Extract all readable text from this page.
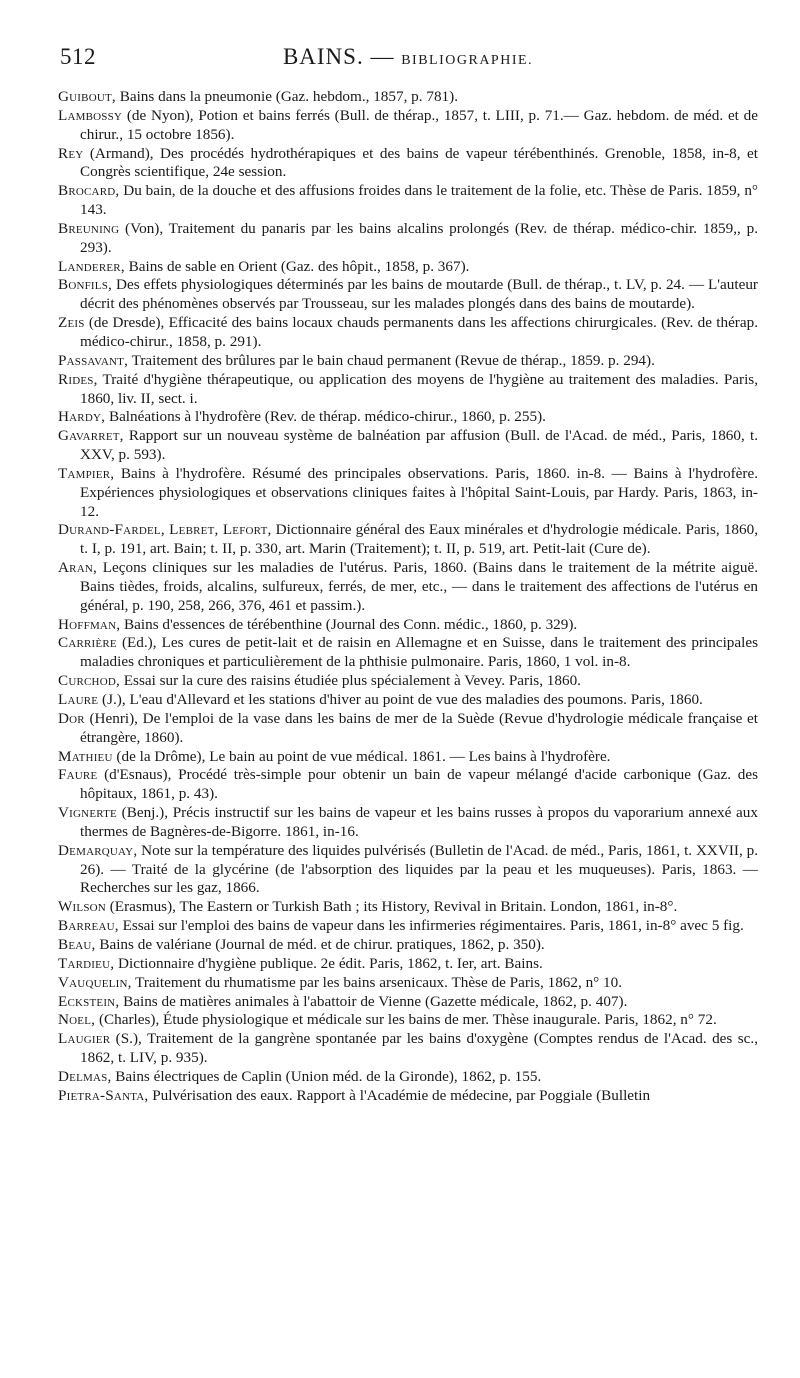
512	BAINS. — BIBLIOGRAPHIE.

Guibout, Bains dans la pneumonie (Gaz. hebdom., 1857, p. 781).

Lambossy (de Nyon), Potion et bains ferrés (Bull. de thérap., 1857, t. LIII, p. 71.— Gaz. hebdom. de méd. et de chirur., 15 octobre 1856).

Rey (Armand), Des procédés hydrothérapiques et des bains de vapeur térébenthinés. Grenoble, 1858, in-8, et Congrès scientifique, 24e session.

Brocard, Du bain, de la douche et des affusions froides dans le traitement de la folie, etc. Thèse de Paris. 1859, n° 143.

Breuning (Von), Traitement du panaris par les bains alcalins prolongés (Rev. de thérap. médico-chir. 1859,, p. 293).

Landerer, Bains de sable en Orient (Gaz. des hôpit., 1858, p. 367).

Bonfils, Des effets physiologiques déterminés par les bains de moutarde (Bull. de thérap., t. LV, p. 24. — L'auteur décrit des phénomènes observés par Trousseau, sur les malades plongés dans des bains de moutarde).

Zeis (de Dresde), Efficacité des bains locaux chauds permanents dans les affections chirurgicales. (Rev. de thérap. médico-chirur., 1858, p. 291).

Passavant, Traitement des brûlures par le bain chaud permanent (Revue de thérap., 1859. p. 294).

Rides, Traité d'hygiène thérapeutique, ou application des moyens de l'hygiène au traitement des maladies. Paris, 1860, liv. II, sect. i.

Hardy, Balnéations à l'hydrofère (Rev. de thérap. médico-chirur., 1860, p. 255).

Gavarret, Rapport sur un nouveau système de balnéation par affusion (Bull. de l'Acad. de méd., Paris, 1860, t. XXV, p. 593).

Tampier, Bains à l'hydrofère. Résumé des principales observations. Paris, 1860. in-8. — Bains à l'hydrofère. Expériences physiologiques et observations cliniques faites à l'hôpital Saint-Louis, par Hardy. Paris, 1863, in-12.

Durand-Fardel, Lebret, Lefort, Dictionnaire général des Eaux minérales et d'hydrologie médicale. Paris, 1860, t. I, p. 191, art. Bain; t. II, p. 330, art. Marin (Traitement); t. II, p. 519, art. Petit-lait (Cure de).

Aran, Leçons cliniques sur les maladies de l'utérus. Paris, 1860. (Bains dans le traitement de la métrite aiguë. Bains tièdes, froids, alcalins, sulfureux, ferrés, de mer, etc., — dans le traitement des affections de l'utérus en général, p. 190, 258, 266, 376, 461 et passim.).

Hoffman, Bains d'essences de térébenthine (Journal des Conn. médic., 1860, p. 329).

Carrière (Ed.), Les cures de petit-lait et de raisin en Allemagne et en Suisse, dans le traitement des principales maladies chroniques et particulièrement de la phthisie pulmonaire. Paris, 1860, 1 vol. in-8.

Curchod, Essai sur la cure des raisins étudiée plus spécialement à Vevey. Paris, 1860.

Laure (J.), L'eau d'Allevard et les stations d'hiver au point de vue des maladies des poumons. Paris, 1860.

Dor (Henri), De l'emploi de la vase dans les bains de mer de la Suède (Revue d'hydrologie médicale française et étrangère, 1860).

Mathieu (de la Drôme), Le bain au point de vue médical. 1861. — Les bains à l'hydrofère.

Faure (d'Esnaus), Procédé très-simple pour obtenir un bain de vapeur mélangé d'acide carbonique (Gaz. des hôpitaux, 1861, p. 43).

Vignerte (Benj.), Précis instructif sur les bains de vapeur et les bains russes à propos du vaporarium annexé aux thermes de Bagnères-de-Bigorre. 1861, in-16.

Demarquay, Note sur la température des liquides pulvérisés (Bulletin de l'Acad. de méd., Paris, 1861, t. XXVII, p. 26). — Traité de la glycérine (de l'absorption des liquides par la peau et les muqueuses). Paris, 1863. — Recherches sur les gaz, 1866.

Wilson (Erasmus), The Eastern or Turkish Bath ; its History, Revival in Britain. London, 1861, in-8°.

Barreau, Essai sur l'emploi des bains de vapeur dans les infirmeries régimentaires. Paris, 1861, in-8° avec 5 fig.

Beau, Bains de valériane (Journal de méd. et de chirur. pratiques, 1862, p. 350).

Tardieu, Dictionnaire d'hygiène publique. 2e édit. Paris, 1862, t. Ier, art. Bains.

Vauquelin, Traitement du rhumatisme par les bains arsenicaux. Thèse de Paris, 1862, n° 10.

Eckstein, Bains de matières animales à l'abattoir de Vienne (Gazette médicale, 1862, p. 407).

Noel, (Charles), Étude physiologique et médicale sur les bains de mer. Thèse inaugurale. Paris, 1862, n° 72.

Laugier (S.), Traitement de la gangrène spontanée par les bains d'oxygène (Comptes rendus de l'Acad. des sc., 1862, t. LIV, p. 935).

Delmas, Bains électriques de Caplin (Union méd. de la Gironde), 1862, p. 155.

Pietra-Santa, Pulvérisation des eaux. Rapport à l'Académie de médecine, par Poggiale (Bulletin
